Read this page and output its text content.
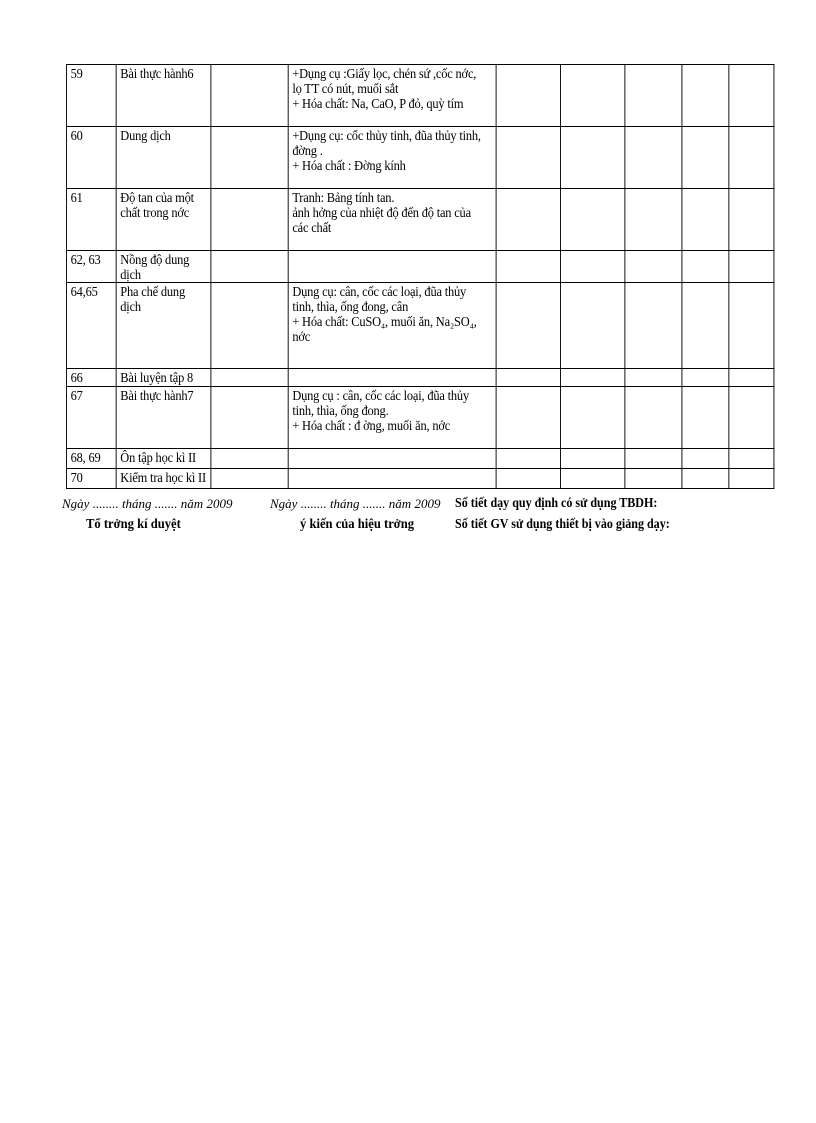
59	Bài thực hành6		+Dụng cụ :Giấy lọc, chén sứ ,cốc nớc,
lọ TT có nút, muối sắt
+ Hóa chất: Na, CaO, P đỏ, quỳ tím					

60	Dung dịch		+Dụng cụ: cốc thủy tinh, đũa thủy tinh,
đờng .
+ Hóa chất : Đờng kính					

61	Độ tan của một
chất trong nớc		Tranh: Bảng tính tan.
ảnh hởng của nhiệt độ đến độ tan của
các chất					

62, 63	Nồng độ dung
dịch							

64,65	Pha chế dung
dịch		Dụng cụ: cân, cốc các loại, đũa thủy
tinh, thìa, ống đong, cân
+ Hóa chất: CuSO₄, muối ăn, Na₂SO₄,
nớc					

66	Bài luyện tập 8							

67	Bài thực hành7		Dụng cụ : cân, cốc các loại, đũa thủy
tinh, thìa, ống đong.
+ Hóa chất : đ ờng, muối ăn, nớc					

68, 69	Ôn tập học kì II							

70	Kiểm tra học kì II							

Ngày ........ tháng ....... năm 2009
Tổ trởng kí duyệt
Ngày ........ tháng ....... năm 2009
ý kiến của hiệu trởng
Số tiết dạy quy định có sử dụng TBDH:
Số tiết GV sử dụng thiết bị vào giảng dạy:
